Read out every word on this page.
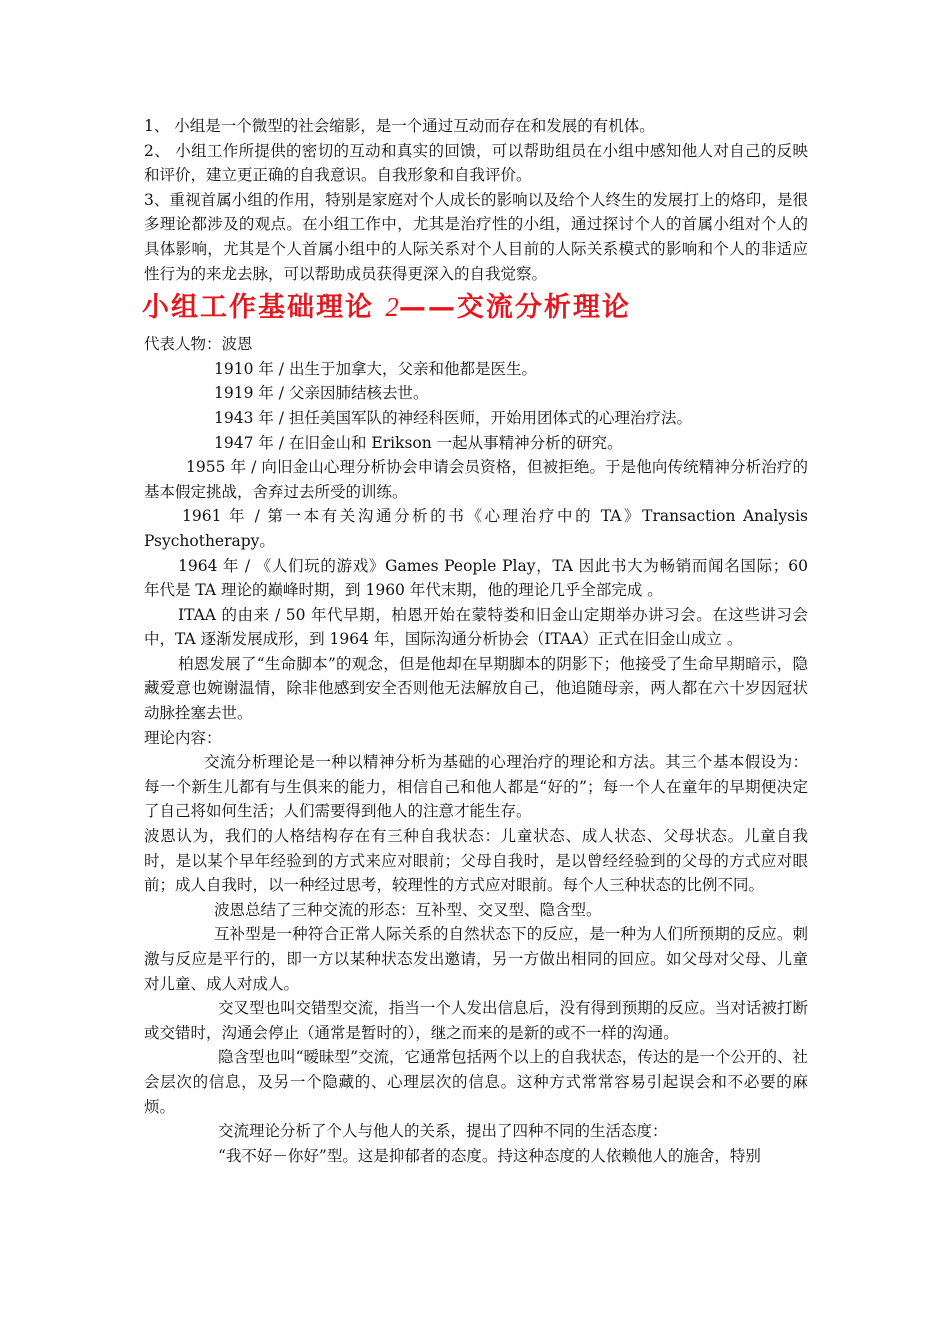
1、 小组是一个微型的社会缩影，是一个通过互动而存在和发展的有机体。

2、 小组工作所提供的密切的互动和真实的回馈，可以帮助组员在小组中感知他人对自己的反映和评价，建立更正确的自我意识。自我形象和自我评价。

3、重视首属小组的作用，特别是家庭对个人成长的影响以及给个人终生的发展打上的烙印，是很多理论都涉及的观点。在小组工作中，尤其是治疗性的小组，通过探讨个人的首属小组对个人的具体影响，尤其是个人首属小组中的人际关系对个人目前的人际关系模式的影响和个人的非适应性行为的来龙去脉，可以帮助成员获得更深入的自我觉察。

小组工作基础理论 2——交流分析理论

代表人物：波恩

1910 年 / 出生于加拿大，父亲和他都是医生。

1919 年 / 父亲因肺结核去世。

1943 年 / 担任美国军队的神经科医师，开始用团体式的心理治疗法。

1947 年 / 在旧金山和 Erikson 一起从事精神分析的研究。

1955 年 / 向旧金山心理分析协会申请会员资格，但被拒绝。于是他向传统精神分析治疗的基本假定挑战，舍弃过去所受的训练。

1961 年 / 第一本有关沟通分析的书《心理治疗中的 TA》Transaction Analysis Psychotherapy。

1964 年 / 《人们玩的游戏》Games People Play，TA 因此书大为畅销而闻名国际；60 年代是 TA 理论的巅峰时期，到 1960 年代末期，他的理论几乎全部完成 。

ITAA 的由来 / 50 年代早期，柏恩开始在蒙特娄和旧金山定期举办讲习会。在这些讲习会中，TA 逐渐发展成形，到 1964 年，国际沟通分析协会（ITAA）正式在旧金山成立 。

柏恩发展了“生命脚本”的观念，但是他却在早期脚本的阴影下；他接受了生命早期暗示，隐藏爱意也婉谢温情，除非他感到安全否则他无法解放自己，他追随母亲，两人都在六十岁因冠状动脉拴塞去世。

理论内容：

交流分析理论是一种以精神分析为基础的心理治疗的理论和方法。其三个基本假设为：每一个新生儿都有与生俱来的能力，相信自己和他人都是“好的”；每一个人在童年的早期便决定了自己将如何生活；人们需要得到他人的注意才能生存。

波恩认为，我们的人格结构存在有三种自我状态：儿童状态、成人状态、父母状态。儿童自我时，是以某个早年经验到的方式来应对眼前；父母自我时，是以曾经经验到的父母的方式应对眼前；成人自我时，以一种经过思考，较理性的方式应对眼前。每个人三种状态的比例不同。

波恩总结了三种交流的形态：互补型、交叉型、隐含型。

互补型是一种符合正常人际关系的自然状态下的反应，是一种为人们所预期的反应。刺激与反应是平行的，即一方以某种状态发出邀请，另一方做出相同的回应。如父母对父母、儿童对儿童、成人对成人。

交叉型也叫交错型交流，指当一个人发出信息后，没有得到预期的反应。当对话被打断或交错时，沟通会停止（通常是暂时的），继之而来的是新的或不一样的沟通。

隐含型也叫“暧昧型”交流，它通常包括两个以上的自我状态，传达的是一个公开的、社会层次的信息，及另一个隐藏的、心理层次的信息。这种方式常常容易引起误会和不必要的麻烦。

交流理论分析了个人与他人的关系，提出了四种不同的生活态度：

“我不好－你好”型。这是抑郁者的态度。持这种态度的人依赖他人的施舍，特别
